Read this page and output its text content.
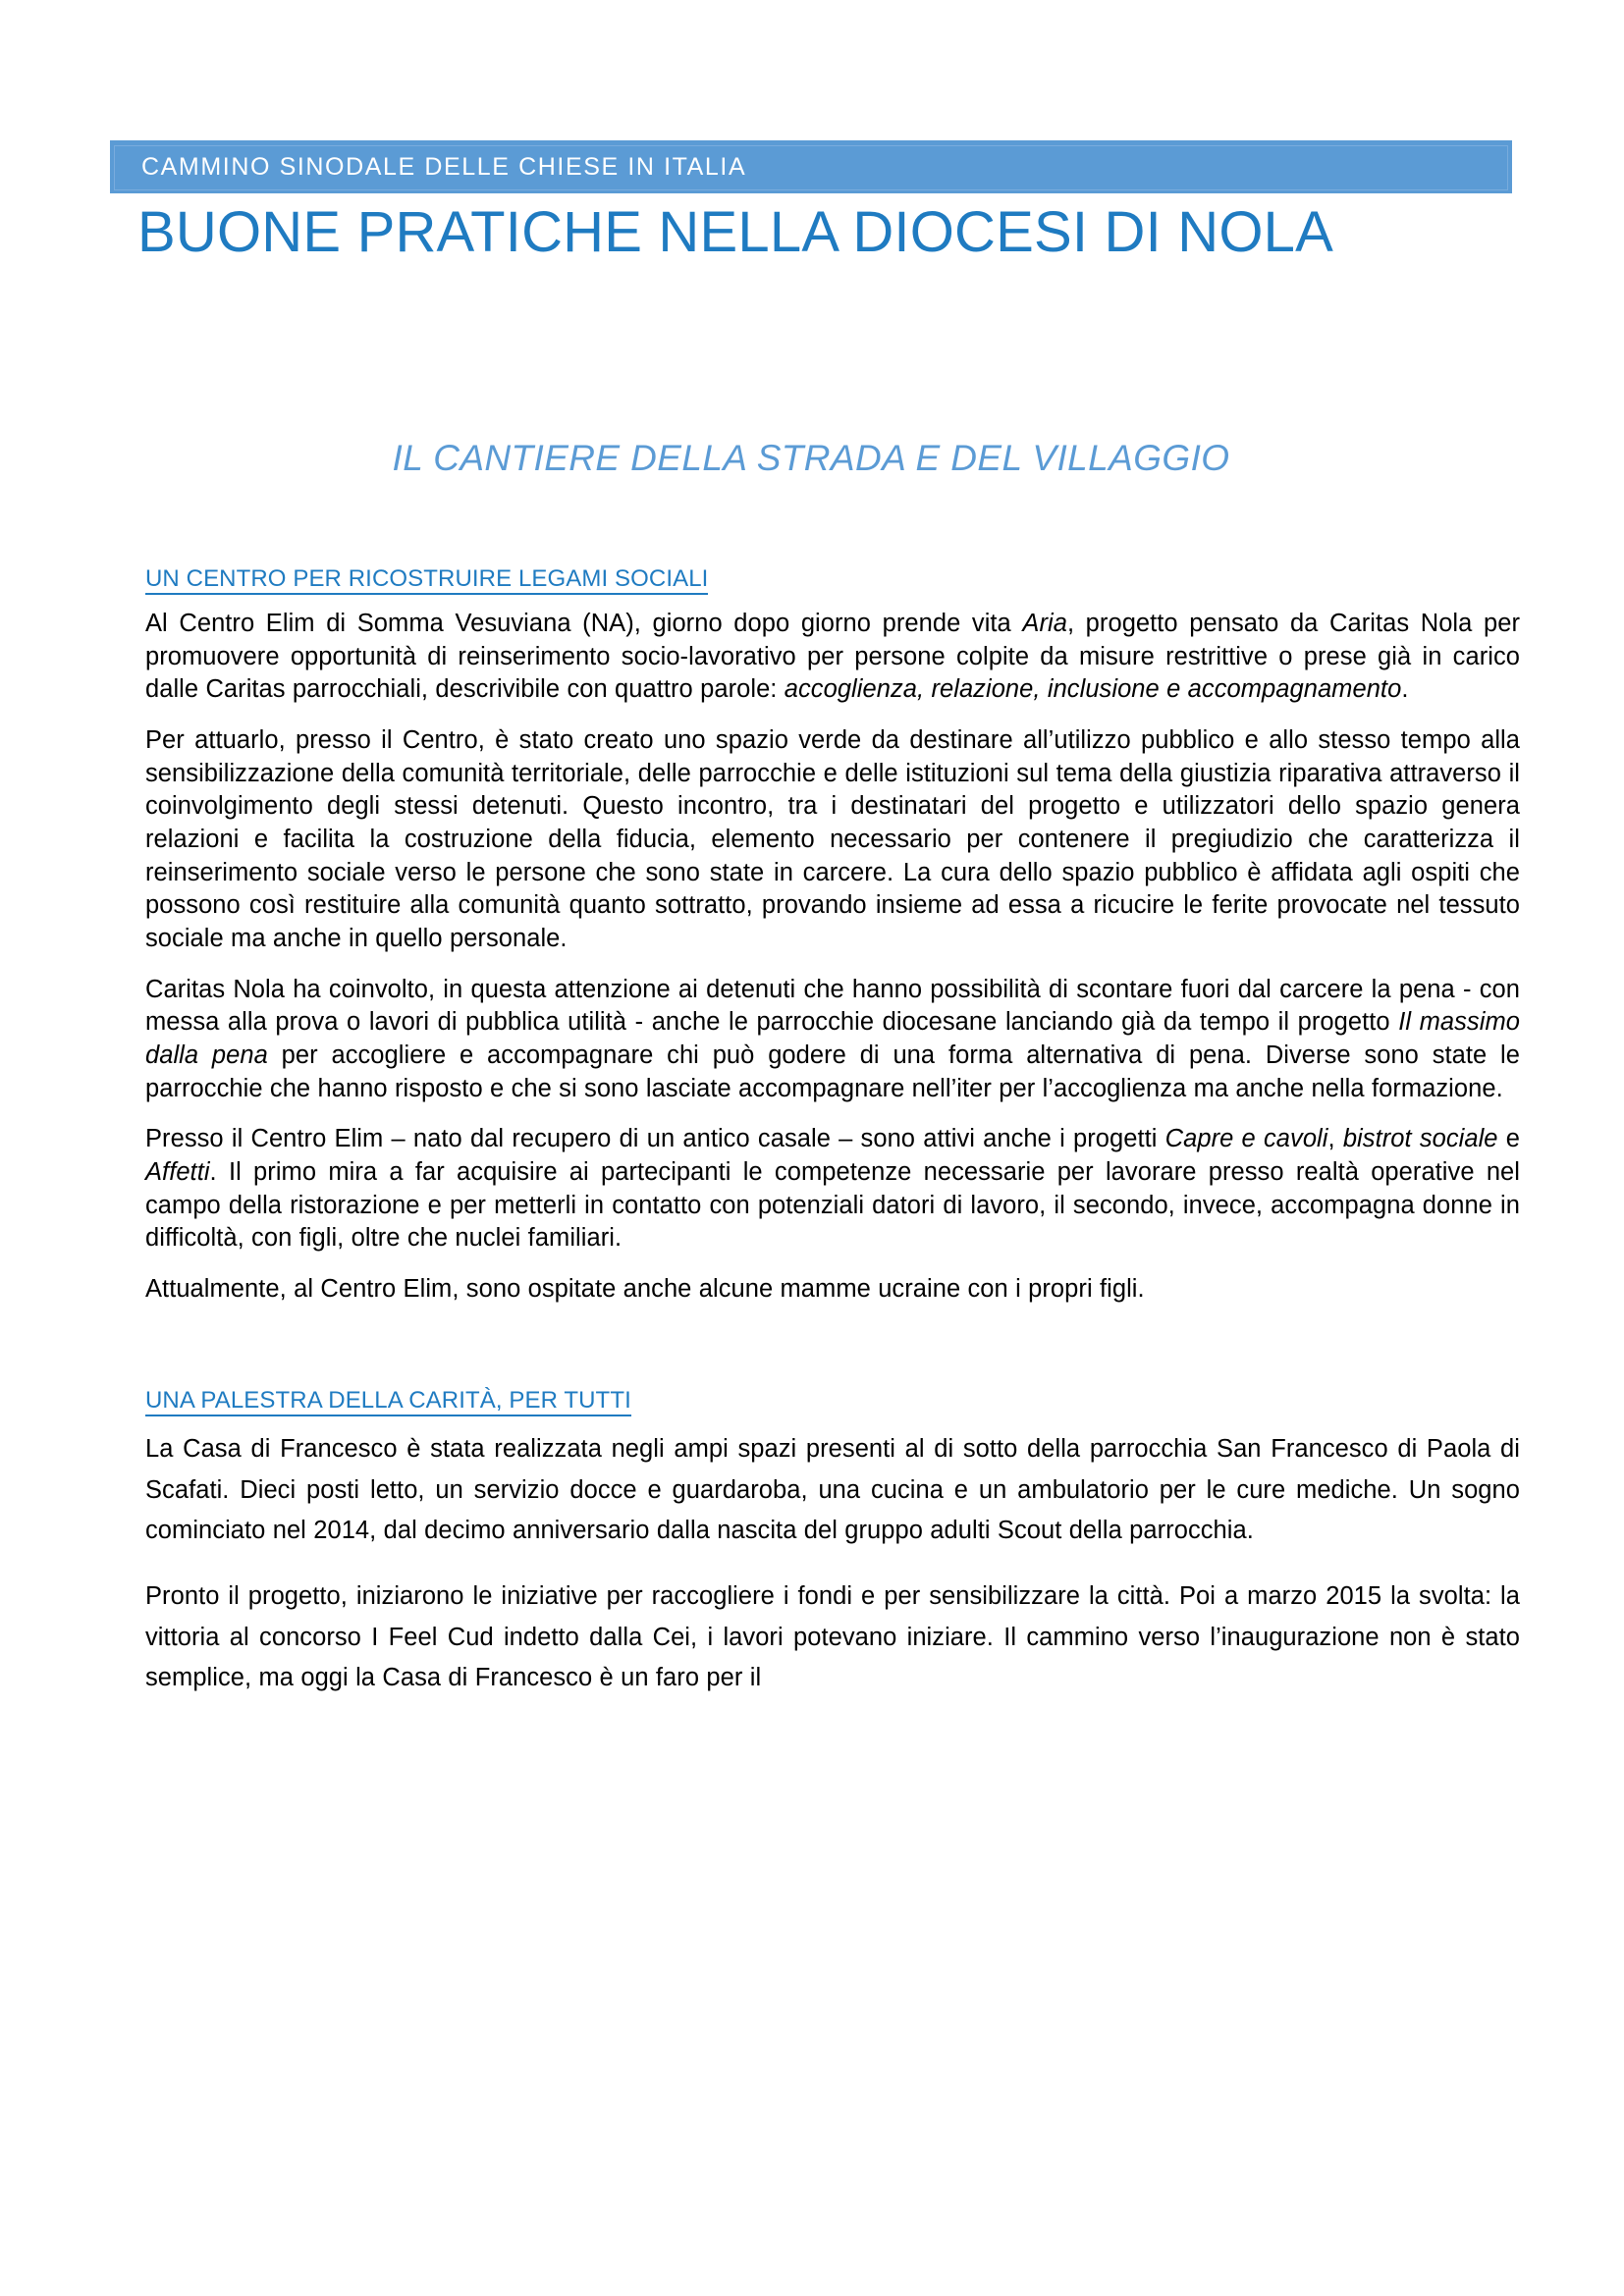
CAMMINO SINODALE DELLE CHIESE IN ITALIA
BUONE PRATICHE NELLA DIOCESI DI NOLA
IL CANTIERE DELLA STRADA E DEL VILLAGGIO
UN CENTRO PER RICOSTRUIRE LEGAMI SOCIALI

Al Centro Elim di Somma Vesuviana (NA), giorno dopo giorno prende vita Aria, progetto pensato da Caritas Nola per promuovere opportunità di reinserimento socio-lavorativo per persone colpite da misure restrittive o prese già in carico dalle Caritas parrocchiali, descrivibile con quattro parole: accoglienza, relazione, inclusione e accompagnamento.

Per attuarlo, presso il Centro, è stato creato uno spazio verde da destinare all’utilizzo pubblico e allo stesso tempo alla sensibilizzazione della comunità territoriale, delle parrocchie e delle istituzioni sul tema della giustizia riparativa attraverso il coinvolgimento degli stessi detenuti. Questo incontro, tra i destinatari del progetto e utilizzatori dello spazio genera relazioni e facilita la costruzione della fiducia, elemento necessario per contenere il pregiudizio che caratterizza il reinserimento sociale verso le persone che sono state in carcere. La cura dello spazio pubblico è affidata agli ospiti che possono così restituire alla comunità quanto sottratto, provando insieme ad essa a ricucire le ferite provocate nel tessuto sociale ma anche in quello personale.

Caritas Nola ha coinvolto, in questa attenzione ai detenuti che hanno possibilità di scontare fuori dal carcere la pena - con messa alla prova o lavori di pubblica utilità - anche le parrocchie diocesane lanciando già da tempo il progetto Il massimo dalla pena per accogliere e accompagnare chi può godere di una forma alternativa di pena. Diverse sono state le parrocchie che hanno risposto e che si sono lasciate accompagnare nell’iter per l’accoglienza ma anche nella formazione.

Presso il Centro Elim – nato dal recupero di un antico casale – sono attivi anche i progetti Capre e cavoli, bistrot sociale e Affetti. Il primo mira a far acquisire ai partecipanti le competenze necessarie per lavorare presso realtà operative nel campo della ristorazione e per metterli in contatto con potenziali datori di lavoro, il secondo, invece, accompagna donne in difficoltà, con figli, oltre che nuclei familiari.

Attualmente, al Centro Elim, sono ospitate anche alcune mamme ucraine con i propri figli.

UNA PALESTRA DELLA CARITÀ, PER TUTTI

La Casa di Francesco è stata realizzata negli ampi spazi presenti al di sotto della parrocchia San Francesco di Paola di Scafati. Dieci posti letto, un servizio docce e guardaroba, una cucina e un ambulatorio per le cure mediche. Un sogno cominciato nel 2014, dal decimo anniversario dalla nascita del gruppo adulti Scout della parrocchia.

Pronto il progetto, iniziarono le iniziative per raccogliere i fondi e per sensibilizzare la città. Poi a marzo 2015 la svolta: la vittoria al concorso I Feel Cud indetto dalla Cei, i lavori potevano iniziare. Il cammino verso l’inaugurazione non è stato semplice, ma oggi la Casa di Francesco è un faro per il
